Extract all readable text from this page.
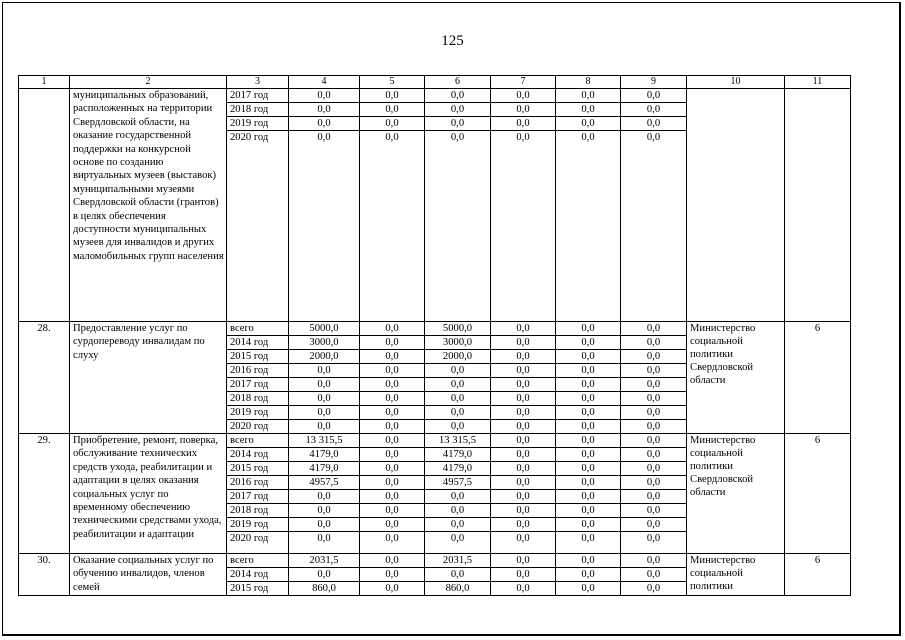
125
1	2	3	4	5	6	7	8	9	10	11
	муниципальных образований, расположенных на территории Свердловской области, на оказание государственной поддержки на конкурсной основе по созданию виртуальных музеев (выставок) муниципальными музеями Свердловской области (грантов) в целях обеспечения доступности муниципальных музеев для инвалидов и других маломобильных групп населения	2017 год	0,0	0,0	0,0	0,0	0,0	0,0		
		2018 год	0,0	0,0	0,0	0,0	0,0	0,0		
		2019 год	0,0	0,0	0,0	0,0	0,0	0,0		
		2020 год	0,0	0,0	0,0	0,0	0,0	0,0		
28.	Предоставление услуг по сурдопереводу инвалидам по слуху	всего	5000,0	0,0	5000,0	0,0	0,0	0,0	Министерство социальной политики Свердловской области	6
		2014 год	3000,0	0,0	3000,0	0,0	0,0	0,0		
		2015 год	2000,0	0,0	2000,0	0,0	0,0	0,0		
		2016 год	0,0	0,0	0,0	0,0	0,0	0,0		
		2017 год	0,0	0,0	0,0	0,0	0,0	0,0		
		2018 год	0,0	0,0	0,0	0,0	0,0	0,0		
		2019 год	0,0	0,0	0,0	0,0	0,0	0,0		
		2020 год	0,0	0,0	0,0	0,0	0,0	0,0		
29.	Приобретение, ремонт, поверка, обслуживание технических средств ухода, реабилитации и адаптации в целях оказания социальных услуг по временному обеспечению техническими средствами ухода, реабилитации и адаптации	всего	13 315,5	0,0	13 315,5	0,0	0,0	0,0	Министерство социальной политики Свердловской области	6
		2014 год	4179,0	0,0	4179,0	0,0	0,0	0,0		
		2015 год	4179,0	0,0	4179,0	0,0	0,0	0,0		
		2016 год	4957,5	0,0	4957,5	0,0	0,0	0,0		
		2017 год	0,0	0,0	0,0	0,0	0,0	0,0		
		2018 год	0,0	0,0	0,0	0,0	0,0	0,0		
		2019 год	0,0	0,0	0,0	0,0	0,0	0,0		
		2020 год	0,0	0,0	0,0	0,0	0,0	0,0		
30.	Оказание социальных услуг по обучению инвалидов, членов семей	всего	2031,5	0,0	2031,5	0,0	0,0	0,0	Министерство социальной политики	6
		2014 год	0,0	0,0	0,0	0,0	0,0	0,0		
		2015 год	860,0	0,0	860,0	0,0	0,0	0,0		
